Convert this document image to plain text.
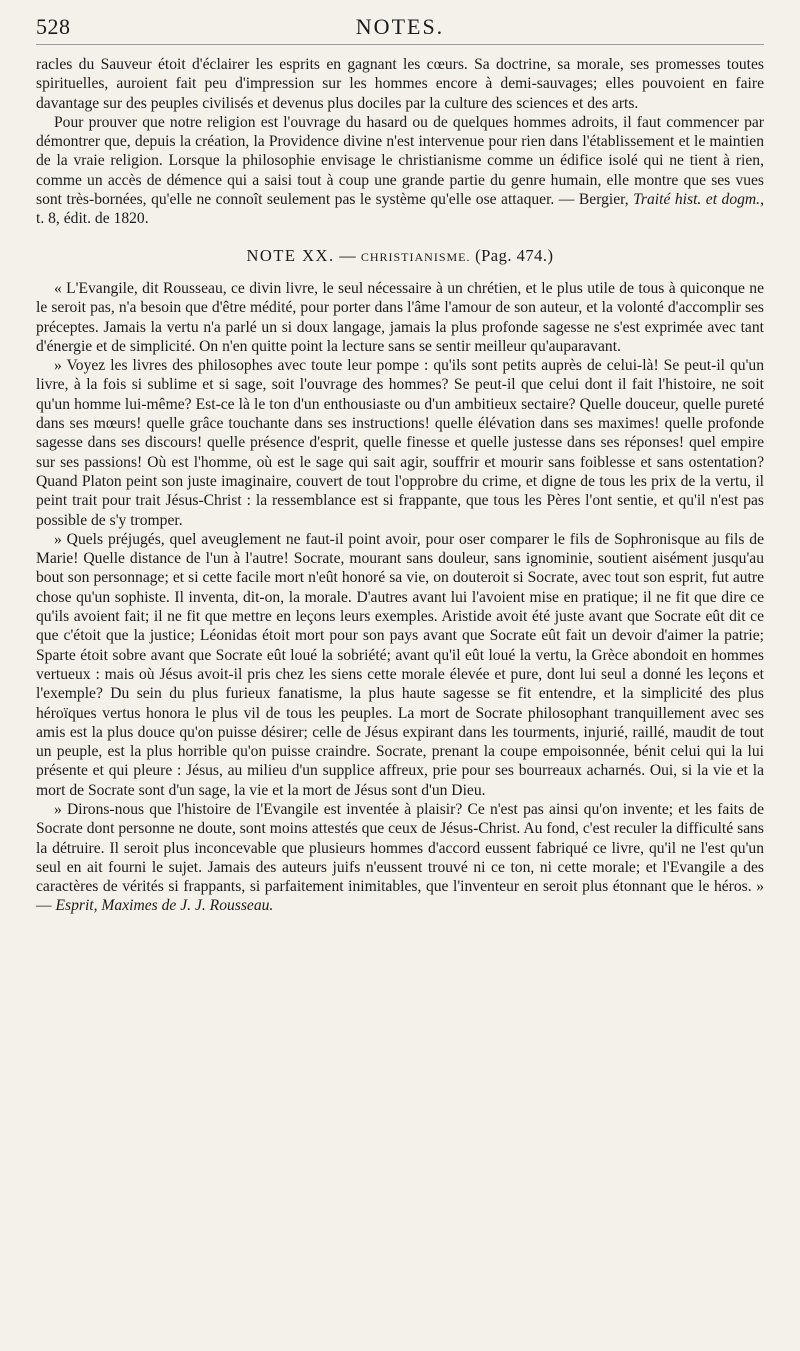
528	NOTES.

racles du Sauveur étoit d'éclairer les esprits en gagnant les cœurs. Sa doctrine, sa morale, ses promesses toutes spirituelles, auroient fait peu d'impression sur les hommes encore à demi-sauvages; elles pouvoient en faire davantage sur des peuples civilisés et devenus plus dociles par la culture des sciences et des arts.

Pour prouver que notre religion est l'ouvrage du hasard ou de quelques hommes adroits, il faut commencer par démontrer que, depuis la création, la Providence divine n'est intervenue pour rien dans l'établissement et le maintien de la vraie religion. Lorsque la philosophie envisage le christianisme comme un édifice isolé qui ne tient à rien, comme un accès de démence qui a saisi tout à coup une grande partie du genre humain, elle montre que ses vues sont très-bornées, qu'elle ne connoît seulement pas le système qu'elle ose attaquer. — Bergier, Traité hist. et dogm., t. 8, édit. de 1820.

NOTE XX. — CHRISTIANISME. (Pag. 474.)

« L'Evangile, dit Rousseau, ce divin livre, le seul nécessaire à un chrétien, et le plus utile de tous à quiconque ne le seroit pas, n'a besoin que d'être médité, pour porter dans l'âme l'amour de son auteur, et la volonté d'accomplir ses préceptes. Jamais la vertu n'a parlé un si doux langage, jamais la plus profonde sagesse ne s'est exprimée avec tant d'énergie et de simplicité. On n'en quitte point la lecture sans se sentir meilleur qu'auparavant.

» Voyez les livres des philosophes avec toute leur pompe : qu'ils sont petits auprès de celui-là! Se peut-il qu'un livre, à la fois si sublime et si sage, soit l'ouvrage des hommes? Se peut-il que celui dont il fait l'histoire, ne soit qu'un homme lui-même? Est-ce là le ton d'un enthousiaste ou d'un ambitieux sectaire? Quelle douceur, quelle pureté dans ses mœurs! quelle grâce touchante dans ses instructions! quelle élévation dans ses maximes! quelle profonde sagesse dans ses discours! quelle présence d'esprit, quelle finesse et quelle justesse dans ses réponses! quel empire sur ses passions! Où est l'homme, où est le sage qui sait agir, souffrir et mourir sans foiblesse et sans ostentation? Quand Platon peint son juste imaginaire, couvert de tout l'opprobre du crime, et digne de tous les prix de la vertu, il peint trait pour trait Jésus-Christ : la ressemblance est si frappante, que tous les Pères l'ont sentie, et qu'il n'est pas possible de s'y tromper.

» Quels préjugés, quel aveuglement ne faut-il point avoir, pour oser comparer le fils de Sophronisque au fils de Marie! Quelle distance de l'un à l'autre! Socrate, mourant sans douleur, sans ignominie, soutient aisément jusqu'au bout son personnage; et si cette facile mort n'eût honoré sa vie, on douteroit si Socrate, avec tout son esprit, fut autre chose qu'un sophiste. Il inventa, dit-on, la morale. D'autres avant lui l'avoient mise en pratique; il ne fit que dire ce qu'ils avoient fait; il ne fit que mettre en leçons leurs exemples. Aristide avoit été juste avant que Socrate eût dit ce que c'étoit que la justice; Léonidas étoit mort pour son pays avant que Socrate eût fait un devoir d'aimer la patrie; Sparte étoit sobre avant que Socrate eût loué la sobriété; avant qu'il eût loué la vertu, la Grèce abondoit en hommes vertueux : mais où Jésus avoit-il pris chez les siens cette morale élevée et pure, dont lui seul a donné les leçons et l'exemple? Du sein du plus furieux fanatisme, la plus haute sagesse se fit entendre, et la simplicité des plus héroïques vertus honora le plus vil de tous les peuples. La mort de Socrate philosophant tranquillement avec ses amis est la plus douce qu'on puisse désirer; celle de Jésus expirant dans les tourments, injurié, raillé, maudit de tout un peuple, est la plus horrible qu'on puisse craindre. Socrate, prenant la coupe empoisonnée, bénit celui qui la lui présente et qui pleure : Jésus, au milieu d'un supplice affreux, prie pour ses bourreaux acharnés. Oui, si la vie et la mort de Socrate sont d'un sage, la vie et la mort de Jésus sont d'un Dieu.

» Dirons-nous que l'histoire de l'Evangile est inventée à plaisir? Ce n'est pas ainsi qu'on invente; et les faits de Socrate dont personne ne doute, sont moins attestés que ceux de Jésus-Christ. Au fond, c'est reculer la difficulté sans la détruire. Il seroit plus inconcevable que plusieurs hommes d'accord eussent fabriqué ce livre, qu'il ne l'est qu'un seul en ait fourni le sujet. Jamais des auteurs juifs n'eussent trouvé ni ce ton, ni cette morale; et l'Evangile a des caractères de vérités si frappants, si parfaitement inimitables, que l'inventeur en seroit plus étonnant que le héros. » — Esprit, Maximes de J. J. Rousseau.
